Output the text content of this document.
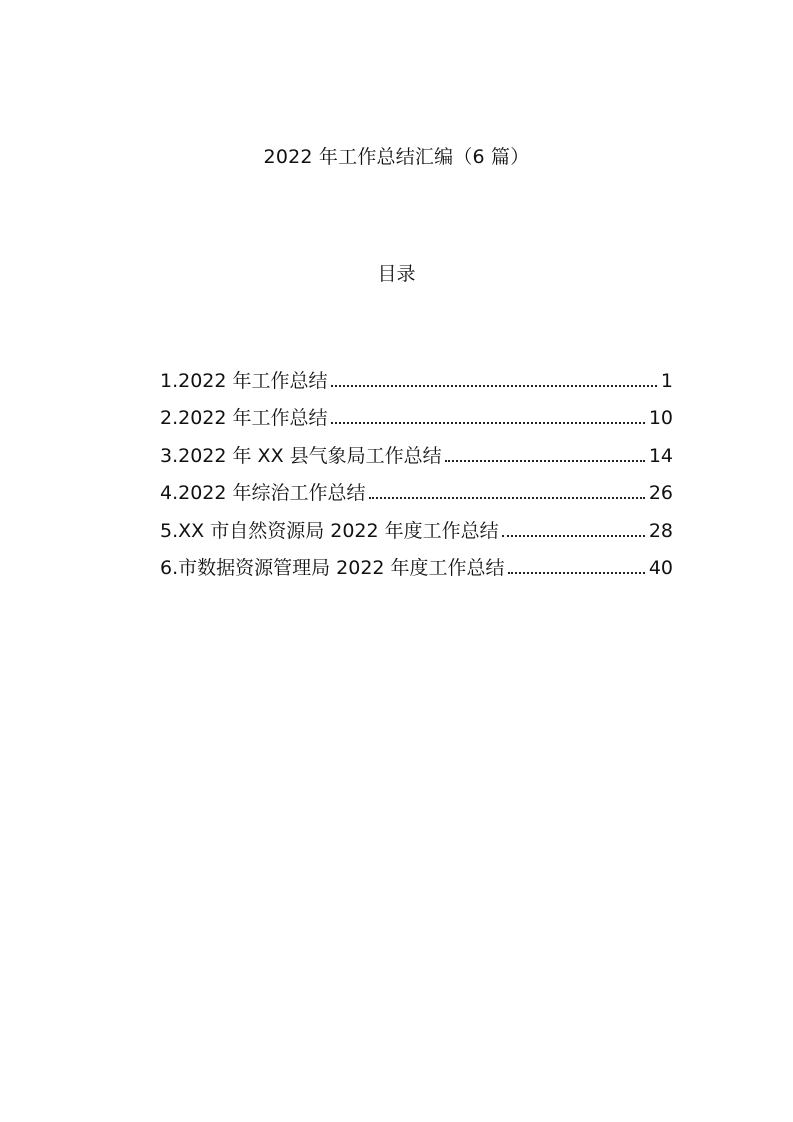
2022 年工作总结汇编（6 篇）
目录
1.2022 年工作总结	1
2.2022 年工作总结	10
3.2022 年 XX 县气象局工作总结	14
4.2022 年综治工作总结	26
5.XX 市自然资源局 2022 年度工作总结	28
6.市数据资源管理局 2022 年度工作总结	40
